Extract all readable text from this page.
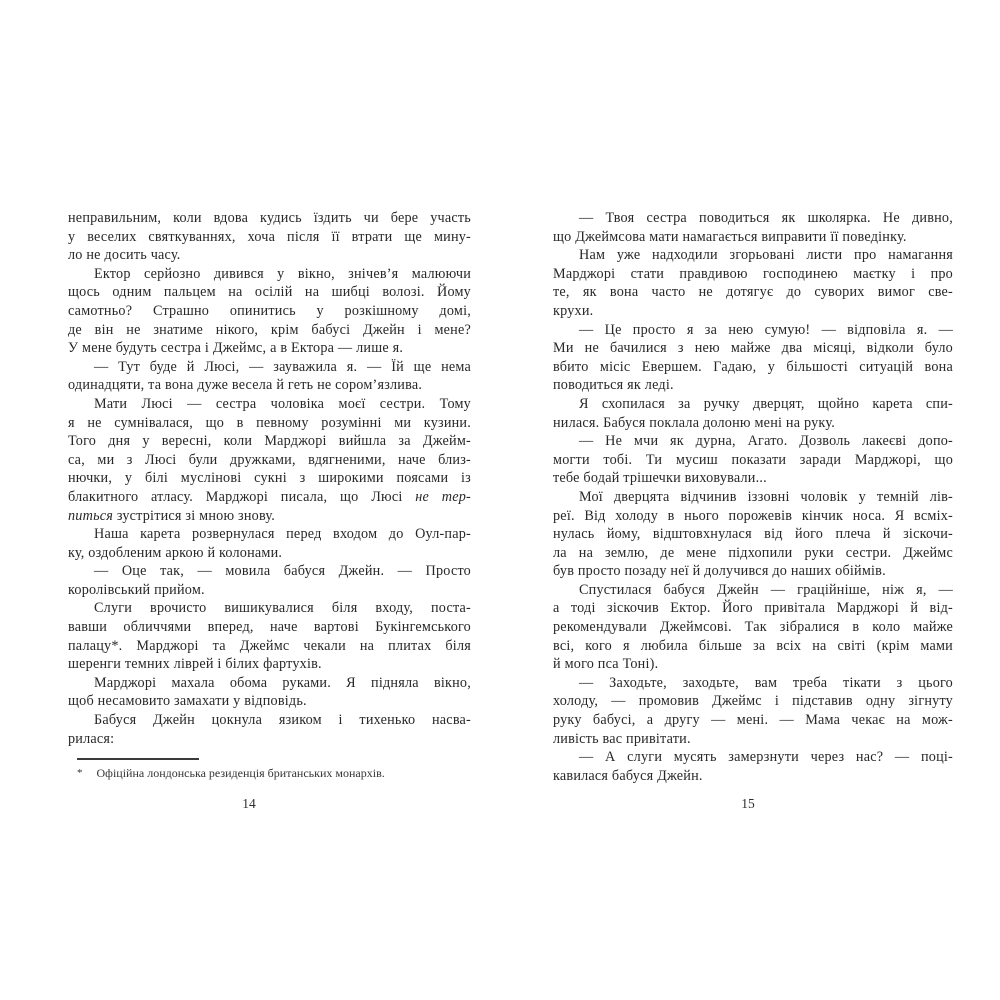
неправильним, коли вдова кудись їздить чи бере участь
у веселих святкуваннях, хоча після її втрати ще мину-
ло не досить часу.
Ектор серйозно дивився у вікно, знічев’я малюючи
щось одним пальцем на осілій на шибці волозі. Йому
самотньо? Страшно опинитись у розкішному домі,
де він не знатиме нікого, крім бабусі Джейн і мене?
У мене будуть сестра і Джеймс, а в Ектора — лише я.
— Тут буде й Люсі, — зауважила я. — Їй ще нема
одинадцяти, та вона дуже весела й геть не сором’язлива.
Мати Люсі — сестра чоловіка моєї сестри. Тому
я не сумнівалася, що в певному розумінні ми кузини.
Того дня у вересні, коли Марджорі вийшла за Джейм-
са, ми з Люсі були дружками, вдягненими, наче близ-
нючки, у білі муслінові сукні з широкими поясами із
блакитного атласу. Марджорі писала, що Люсі не тер-
питься зустрітися зі мною знову.
Наша карета розвернулася перед входом до Оул-пар-
ку, оздобленим аркою й колонами.
— Оце так, — мовила бабуся Джейн. — Просто
королівський прийом.
Слуги врочисто вишикувалися біля входу, поста-
вавши обличчями вперед, наче вартові Букінгемського
палацу*. Марджорі та Джеймс чекали на плитах біля
шеренги темних ліврей і білих фартухів.
Марджорі махала обома руками. Я підняла вікно,
щоб несамовито замахати у відповідь.
Бабуся Джейн цокнула язиком і тихенько насва-
рилася:
— Твоя сестра поводиться як школярка. Не дивно,
що Джеймсова мати намагається виправити її поведінку.
Нам уже надходили згорьовані листи про намагання
Марджорі стати правдивою господинею маєтку і про
те, як вона часто не дотягує до суворих вимог све-
крухи.
— Це просто я за нею сумую! — відповіла я. —
Ми не бачилися з нею майже два місяці, відколи було
вбито місіс Евершем. Гадаю, у більшості ситуацій вона
поводиться як леді.
Я схопилася за ручку дверцят, щойно карета спи-
нилася. Бабуся поклала долоню мені на руку.
— Не мчи як дурна, Агато. Дозволь лакеєві допо-
могти тобі. Ти мусиш показати заради Марджорі, що
тебе бодай трішечки виховували...
Мої дверцята відчинив іззовні чоловік у темній лів-
реї. Від холоду в нього порожевів кінчик носа. Я всміх-
нулась йому, відштовхнулася від його плеча й зіскочи-
ла на землю, де мене підхопили руки сестри. Джеймс
був просто позаду неї й долучився до наших обіймів.
Спустилася бабуся Джейн — граційніше, ніж я, —
а тоді зіскочив Ектор. Його привітала Марджорі й від-
рекомендували Джеймсові. Так зібралися в коло майже
всі, кого я любила більше за всіх на світі (крім мами
й мого пса Тоні).
— Заходьте, заходьте, вам треба тікати з цього
холоду, — промовив Джеймс і підставив одну зігнуту
руку бабусі, а другу — мені. — Мама чекає на мож-
ливість вас привітати.
— А слуги мусять замерзнути через нас? — поці-
кавилася бабуся Джейн.
* Офіційна лондонська резиденція британських монархів.
14	15
